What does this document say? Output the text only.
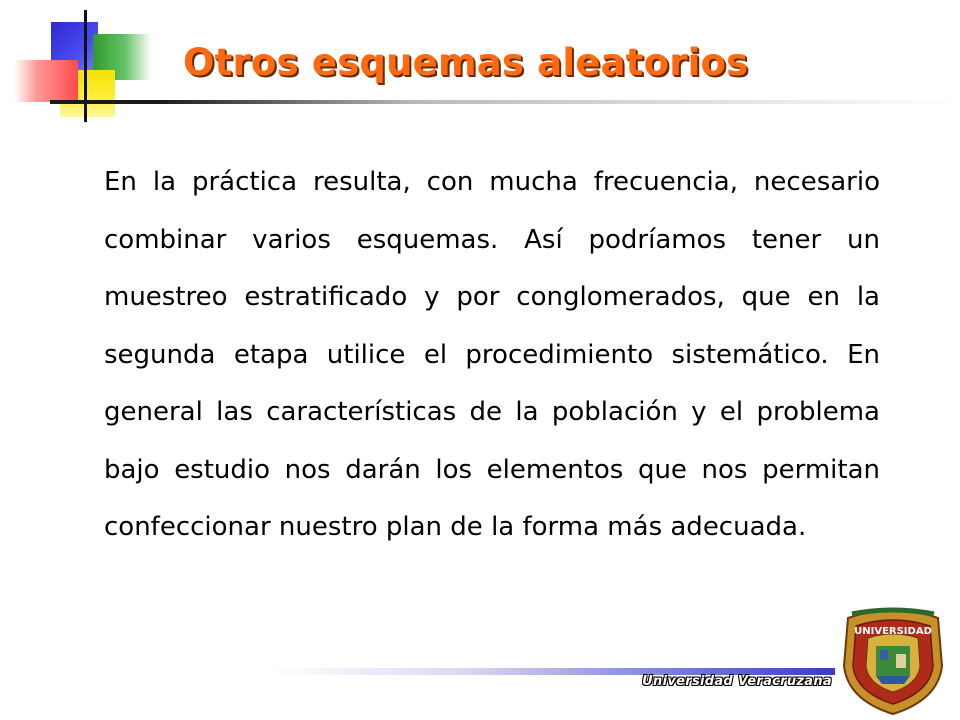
Otros esquemas aleatorios

En la práctica resulta, con mucha frecuencia, necesario combinar varios esquemas. Así podríamos tener un muestreo estratificado y por conglomerados, que en la segunda etapa utilice el procedimiento sistemático. En general las características de la población y el problema bajo estudio nos darán los elementos que nos permitan confeccionar nuestro plan de la forma más adecuada.

Universidad Veracruzana
UNIVERSIDAD
